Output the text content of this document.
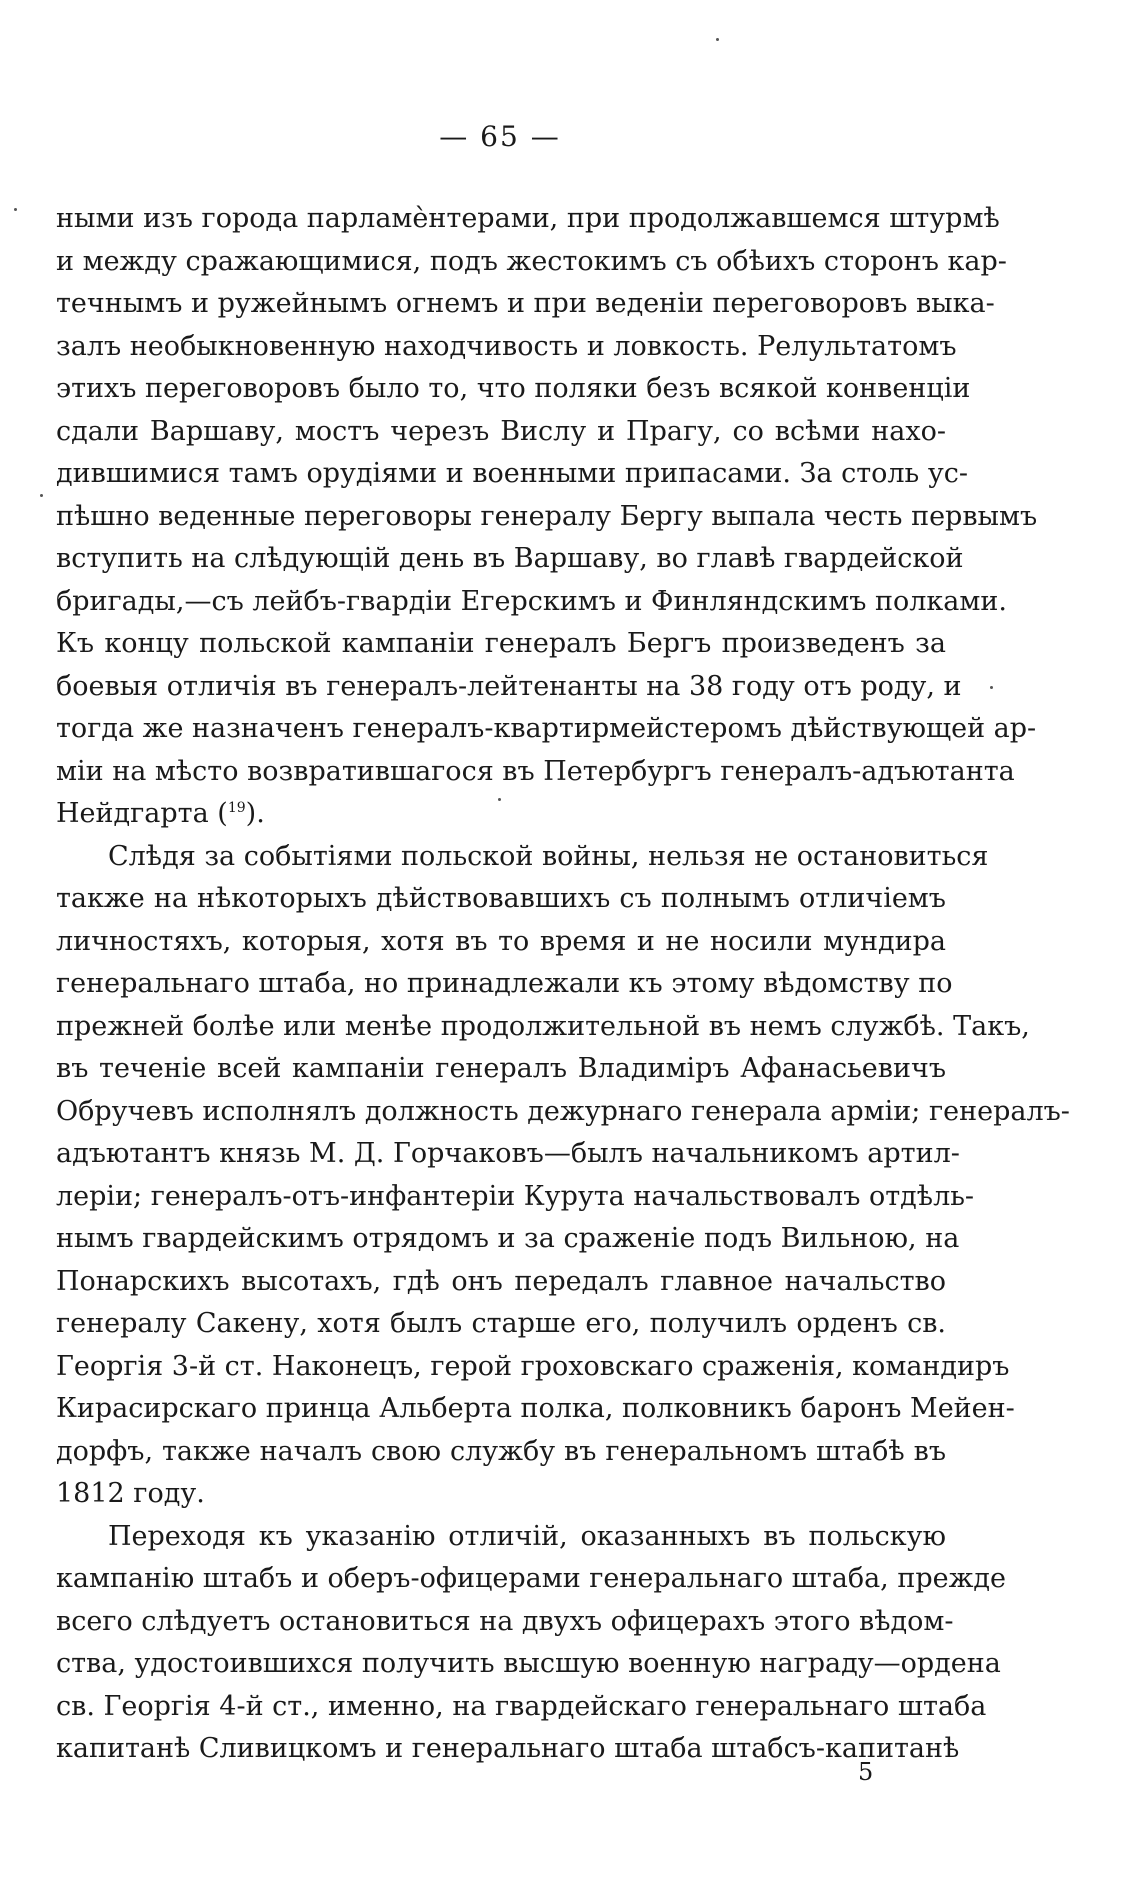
— 65 —
ными изъ города парламѐнтерами, при продолжавшемся штурмѣ
и между сражающимися, подъ жестокимъ съ обѣихъ сторонъ кар-
течнымъ и ружейнымъ огнемъ и при веденіи переговоровъ выка-
залъ необыкновенную находчивость и ловкость. Релультатомъ
этихъ переговоровъ было то, что поляки безъ всякой конвенціи
сдали Варшаву, мостъ черезъ Вислу и Прагу, со всѣми нахо-
дившимися тамъ орудіями и военными припасами. За столь ус-
пѣшно веденные переговоры генералу Бергу выпала честь первымъ
вступить на слѣдующій день въ Варшаву, во главѣ гвардейской
бригады,—съ лейбъ-гвардіи Егерскимъ и Финляндскимъ полками.
Къ концу польской кампаніи генералъ Бергъ произведенъ за
боевыя отличія въ генералъ-лейтенанты на 38 году отъ роду, и
тогда же назначенъ генералъ-квартирмейстеромъ дѣйствующей ар-
міи на мѣсто возвратившагося въ Петербургъ генералъ-адъютанта
Нейдгарта ($^{19}$).
Слѣдя за событіями польской войны, нельзя не остановиться
также на нѣкоторыхъ дѣйствовавшихъ съ полнымъ отличіемъ
личностяхъ, которыя, хотя въ то время и не носили мундира
генеральнаго штаба, но принадлежали къ этому вѣдомству по
прежней болѣе или менѣе продолжительной въ немъ службѣ. Такъ,
въ теченіе всей кампаніи генералъ Владиміръ Афанасьевичъ
Обручевъ исполнялъ должность дежурнаго генерала арміи; генералъ-
адъютантъ князь М. Д. Горчаковъ—былъ начальникомъ артил-
леріи; генералъ-отъ-инфантеріи Курута начальствовалъ отдѣль-
нымъ гвардейскимъ отрядомъ и за сраженіе подъ Вильною, на
Понарскихъ высотахъ, гдѣ онъ передалъ главное начальство
генералу Сакену, хотя былъ старше его, получилъ орденъ св.
Георгія 3-й ст. Наконецъ, герой гроховскаго сраженія, командиръ
Кирасирскаго принца Альберта полка, полковникъ баронъ Мейен-
дорфъ, также началъ свою службу въ генеральномъ штабѣ въ
1812 году.
Переходя къ указанію отличій, оказанныхъ въ польскую
кампанію штабъ и оберъ-офицерами генеральнаго штаба, прежде
всего слѣдуетъ остановиться на двухъ офицерахъ этого вѣдом-
ства, удостоившихся получить высшую военную награду—ордена
св. Георгія 4-й ст., именно, на гвардейскаго генеральнаго штаба
капитанѣ Сливицкомъ и генеральнаго штаба штабсъ-капитанѣ
5
